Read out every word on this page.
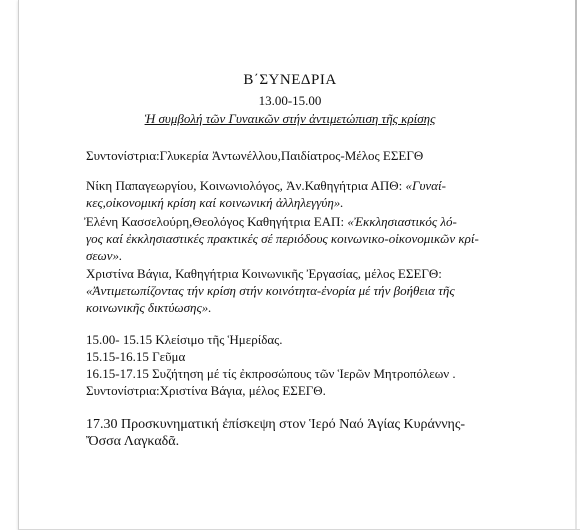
Β΄ΣΥΝΕΔΡΙΑ
13.00-15.00
Ἡ συμβολή τῶν Γυναικῶν στήν ἀντιμετώπιση τῆς κρίσης
Συντονίστρια:Γλυκερία Ἀντωνέλλου,Παιδίατρος-Μέλος ΕΣΕΓΘ
Νίκη Παπαγεωργίου, Κοινωνιολόγος, Ἀν.Καθηγήτρια ΑΠΘ: «Γυναί-
κες,οἰκονομική κρίση καί κοινωνική ἀλληλεγγύη».
Ἐλένη Κασσελούρη,Θεολόγος Καθηγήτρια ΕΑΠ: «Ἐκκλησιαστικός λό-
γος καί ἐκκλησιαστικές πρακτικές σέ περιόδους κοινωνικο-οἰκονομικῶν κρί-
σεων».
Χριστίνα Βάγια, Καθηγήτρια Κοινωνικῆς Ἐργασίας, μέλος ΕΣΕΓΘ:
«Ἀντιμετωπίζοντας τήν κρίση στήν κοινότητα-ἐνορία μέ τήν βοήθεια τῆς
κοινωνικῆς δικτύωσης».
15.00- 15.15 Κλείσιμο τῆς Ἡμερίδας.
15.15-16.15 Γεῦμα
16.15-17.15 Συζήτηση μέ τίς ἐκπροσώπους τῶν Ἱερῶν Μητροπόλεων .
Συντονίστρια:Χριστίνα Βάγια, μέλος ΕΣΕΓΘ.
17.30 Προσκυνηματική ἐπίσκεψη στον Ἱερό Ναό Ἁγίας Κυράννης-
Ὄσσα Λαγκαδᾶ.
